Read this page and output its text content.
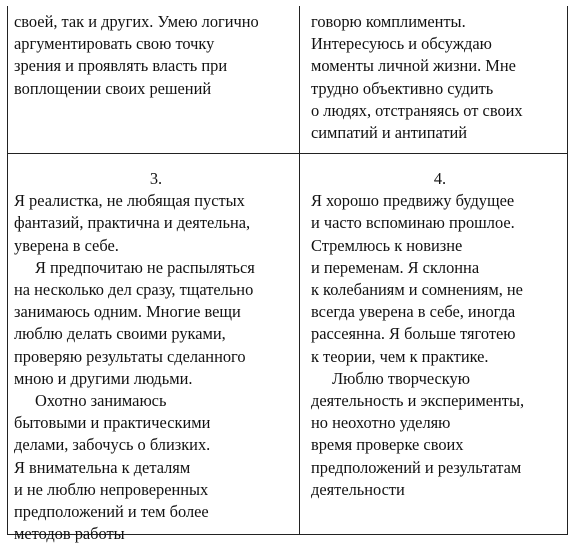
своей, так и других. Умею логично
аргументировать свою точку
зрения и проявлять власть при
воплощении своих решений
говорю комплименты.
Интересуюсь и обсуждаю
моменты личной жизни. Мне
трудно объективно судить
о людях, отстраняясь от своих
симпатий и антипатий
3.
Я реалистка, не любящая пустых
фантазий, практична и деятельна,
уверена в себе.
Я предпочитаю не распыляться
на несколько дел сразу, тщательно
занимаюсь одним. Многие вещи
люблю делать своими руками,
проверяю результаты сделанного
мною и другими людьми.
Охотно занимаюсь
бытовыми и практическими
делами, забочусь о близких.
Я внимательна к деталям
и не люблю непроверенных
предположений и тем более
методов работы
4.
Я хорошо предвижу будущее
и часто вспоминаю прошлое.
Стремлюсь к новизне
и переменам. Я склонна
к колебаниям и сомнениям, не
всегда уверена в себе, иногда
рассеянна. Я больше тяготею
к теории, чем к практике.
Люблю творческую
деятельность и эксперименты,
но неохотно уделяю
время проверке своих
предположений и результатам
деятельности
